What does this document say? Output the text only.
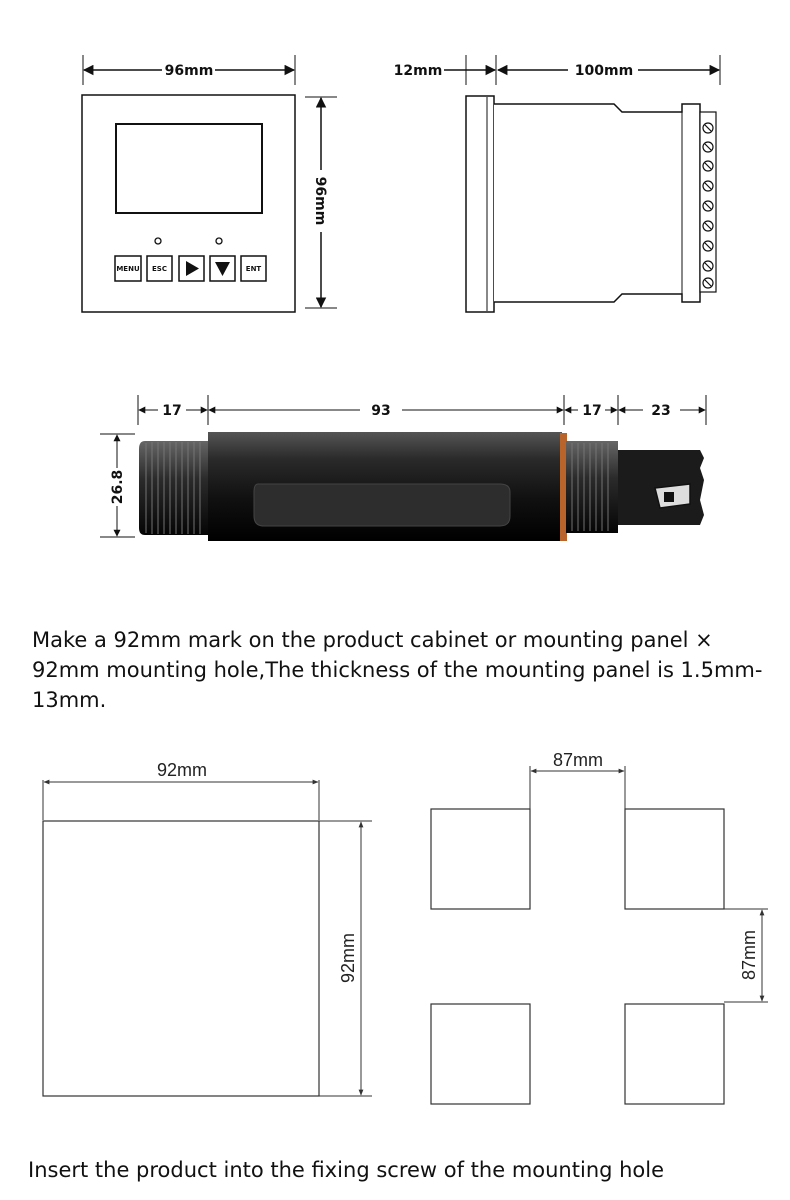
96mm
MENU ESC	ENT
96mm
12mm	100mm
17	93	17	23
26.8
92mm
92mm
87mm
87mm

Make a 92mm mark on the product cabinet or mounting panel × 92mm mounting hole,The thickness of the mounting panel is 1.5mm-13mm.

Insert the product into the fixing screw of the mounting hole
